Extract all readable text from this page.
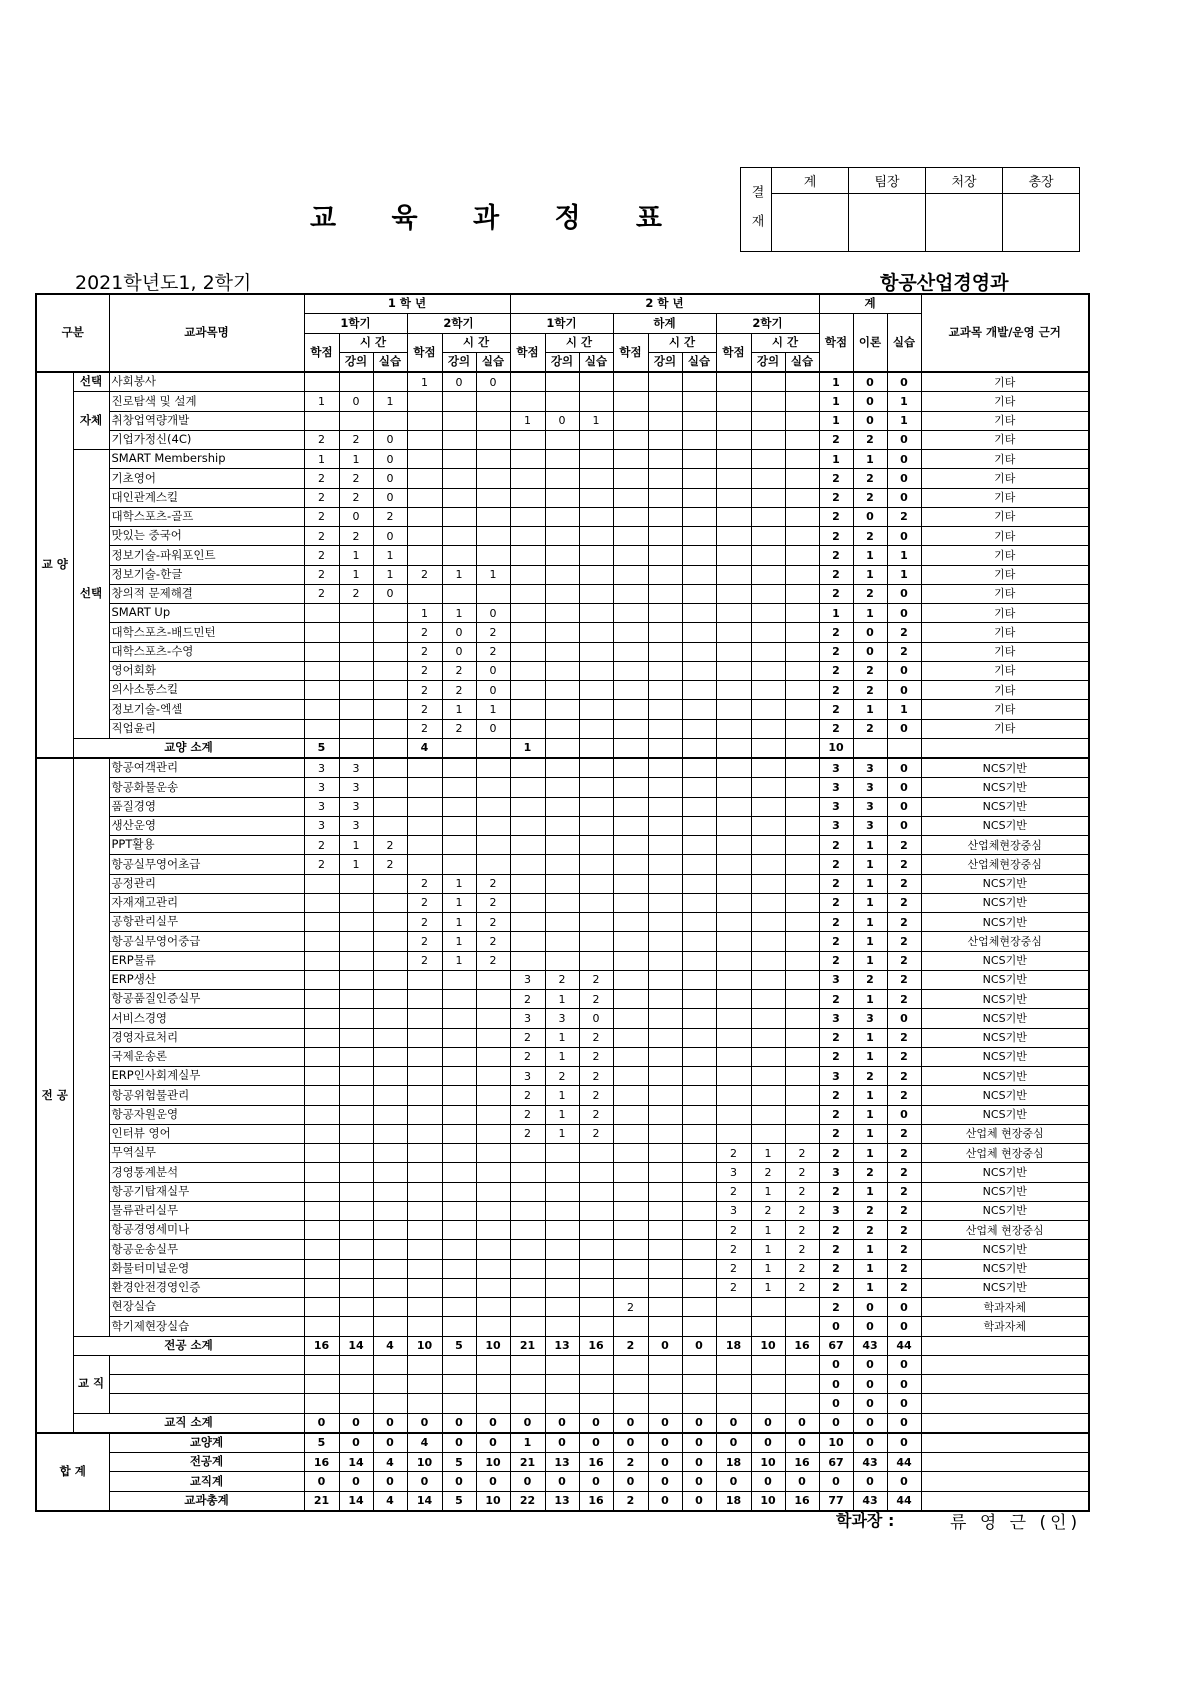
교 육 과 정 표	결 재	계	팀장	처장	총장

2021학년도1, 2학기	항공산업경영과
구분		교과목명	1 학 년						2 학 년									계			교과목 개발/운영 근거
			1학기			2학기			1학기			하계			2학기			학점	이론	실습	
			학점	시 간		학점	시 간		학점	시 간		학점	시 간		학점	시 간					
				강의	실습		강의	실습		강의	실습		강의	실습		강의	실습				
교 양	선택	사회봉사				1	0	0										1	0	0	기타
	자체	진로탐색 및 설계	1	0	1													1	0	1	기타
		취창업역량개발							1	0	1							1	0	1	기타
		기업가정신(4C)	2	2	0													2	2	0	기타
	선택	SMART Membership	1	1	0													1	1	0	기타
		기초영어	2	2	0													2	2	0	기타
		대인관계스킬	2	2	0													2	2	0	기타
		대학스포츠-골프	2	0	2													2	0	2	기타
		맛있는 중국어	2	2	0													2	2	0	기타
		정보기술-파워포인트	2	1	1													2	1	1	기타
		정보기술-한글	2	1	1	2	1	1										2	1	1	기타
		창의적 문제해결	2	2	0													2	2	0	기타
		SMART Up				1	1	0										1	1	0	기타
		대학스포츠-배드민턴				2	0	2										2	0	2	기타
		대학스포츠-수영				2	0	2										2	0	2	기타
		영어회화				2	2	0										2	2	0	기타
		의사소통스킬				2	2	0										2	2	0	기타
		정보기술-엑셀				2	1	1										2	1	1	기타
		직업윤리				2	2	0										2	2	0	기타
	교양 소계		5			4			1									10			
전 공		항공여객관리	3	3														3	3	0	NCS기반
		항공화물운송	3	3														3	3	0	NCS기반
		품질경영	3	3														3	3	0	NCS기반
		생산운영	3	3														3	3	0	NCS기반
		PPT활용	2	1	2													2	1	2	산업체현장중심
		항공실무영어초급	2	1	2													2	1	2	산업체현장중심
		공정관리				2	1	2										2	1	2	NCS기반
		자재재고관리				2	1	2										2	1	2	NCS기반
		공항관리실무				2	1	2										2	1	2	NCS기반
		항공실무영어중급				2	1	2										2	1	2	산업체현장중심
		ERP물류				2	1	2										2	1	2	NCS기반
		ERP생산							3	2	2							3	2	2	NCS기반
		항공품질인증실무							2	1	2							2	1	2	NCS기반
		서비스경영							3	3	0							3	3	0	NCS기반
		경영자료처리							2	1	2							2	1	2	NCS기반
		국제운송론							2	1	2							2	1	2	NCS기반
		ERP인사회계실무							3	2	2							3	2	2	NCS기반
		항공위험물관리							2	1	2							2	1	2	NCS기반
		항공자원운영							2	1	2							2	1	0	NCS기반
		인터뷰 영어							2	1	2							2	1	2	산업체 현장중심
		무역실무													2	1	2	2	1	2	산업체 현장중심
		경영통계분석													3	2	2	3	2	2	NCS기반
		항공기탑재실무													2	1	2	2	1	2	NCS기반
		물류관리실무													3	2	2	3	2	2	NCS기반
		항공경영세미나													2	1	2	2	2	2	산업체 현장중심
		항공운송실무													2	1	2	2	1	2	NCS기반
		화물터미널운영													2	1	2	2	1	2	NCS기반
		환경안전경영인증													2	1	2	2	1	2	NCS기반
		현장실습										2						2	0	0	학과자체
		학기제현장실습																0	0	0	학과자체
	전공 소계		16	14	4	10	5	10	21	13	16	2	0	0	18	10	16	67	43	44	
	교 직																	0	0	0	
																		0	0	0	
																		0	0	0	
	교직 소계		0	0	0	0	0	0	0	0	0	0	0	0	0	0	0	0	0	0	
합 계		교양계	5	0	0	4	0	0	1	0	0	0	0	0	0	0	0	10	0	0	
		전공계	16	14	4	10	5	10	21	13	16	2	0	0	18	10	16	67	43	44	
		교직계	0	0	0	0	0	0	0	0	0	0	0	0	0	0	0	0	0	0	
		교과총계	21	14	4	14	5	10	22	13	16	2	0	0	18	10	16	77	43	44	
학과장 :	류 영 근 (인)
